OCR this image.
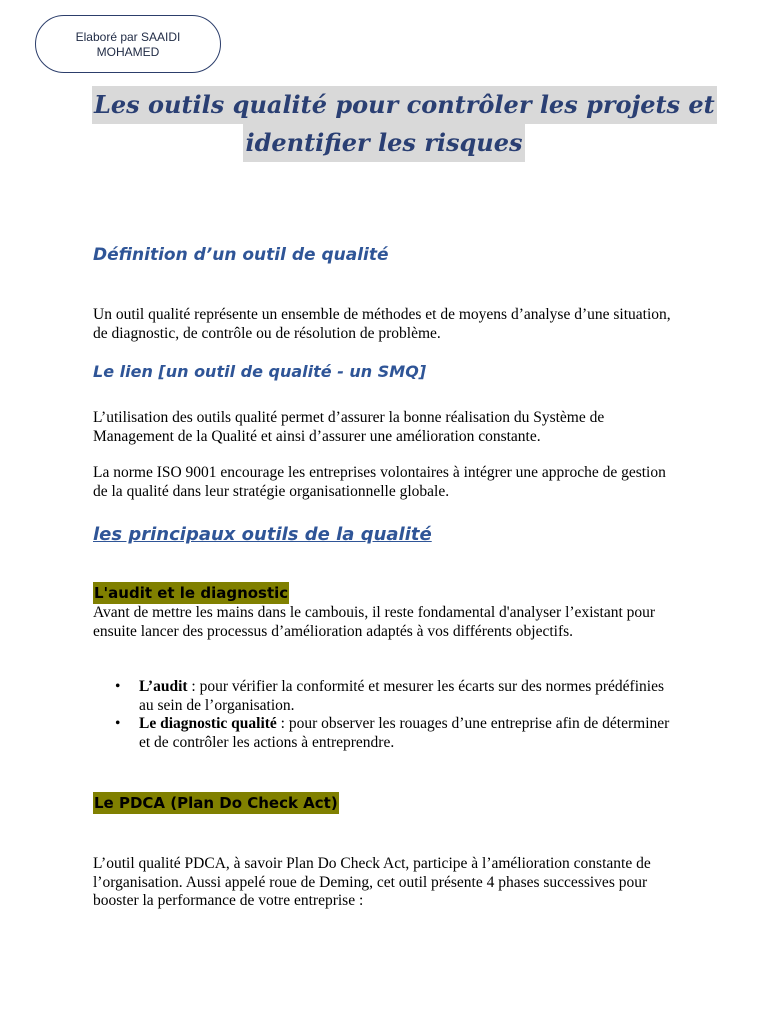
Elaboré par SAAIDI
MOHAMED
Les outils qualité pour contrôler les projets et
identifier les risques
Définition d’un outil de qualité
Un outil qualité représente un ensemble de méthodes et de moyens d’analyse d’une situation, de diagnostic, de contrôle ou de résolution de problème.
Le lien [un outil de qualité - un SMQ]
L’utilisation des outils qualité permet d’assurer la bonne réalisation du Système de Management de la Qualité et ainsi d’assurer une amélioration constante.
La norme ISO 9001 encourage les entreprises volontaires à intégrer une approche de gestion de la qualité dans leur stratégie organisationnelle globale.
les principaux outils de la qualité
L'audit et le diagnostic
Avant de mettre les mains dans le cambouis, il reste fondamental d'analyser l’existant pour ensuite lancer des processus d’amélioration adaptés à vos différents objectifs.
• L’audit : pour vérifier la conformité et mesurer les écarts sur des normes prédéfinies au sein de l’organisation.
• Le diagnostic qualité : pour observer les rouages d’une entreprise afin de déterminer et de contrôler les actions à entreprendre.
Le PDCA (Plan Do Check Act)
L’outil qualité PDCA, à savoir Plan Do Check Act, participe à l’amélioration constante de l’organisation. Aussi appelé roue de Deming, cet outil présente 4 phases successives pour booster la performance de votre entreprise :
